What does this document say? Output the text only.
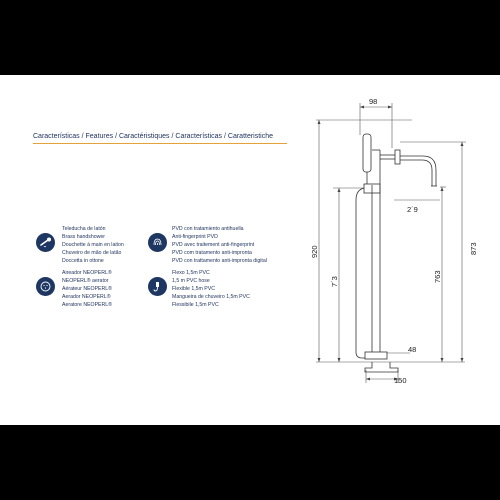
Características / Features / Caractéristiques / Características / Caratteristiche
Teleducha de latón
Brass handshower
Douchette à main en laiton
Chuveiro de mão de latão
Doccetta in ottone
PVD con tratamiento antihuella
Anti-fingerprint PVD
PVD avec traitement anti-fingerprint
PVD com tratamento anti-impronta
PVD con trattamento anti-impronta digital
Aireador NEOPERL®
NEOPERL® aerator
Aérateur NEOPERL®
Aerador NEOPERL®
Aeratore NEOPERL®
Flexo 1,5m PVC
1,5 m PVC hose
Flexible 1,5m PVC
Mangueira de chuveiro 1,5m PVC
Flessibile 1,5m PVC
98
2´9
920
7´3	763
873
48
150
